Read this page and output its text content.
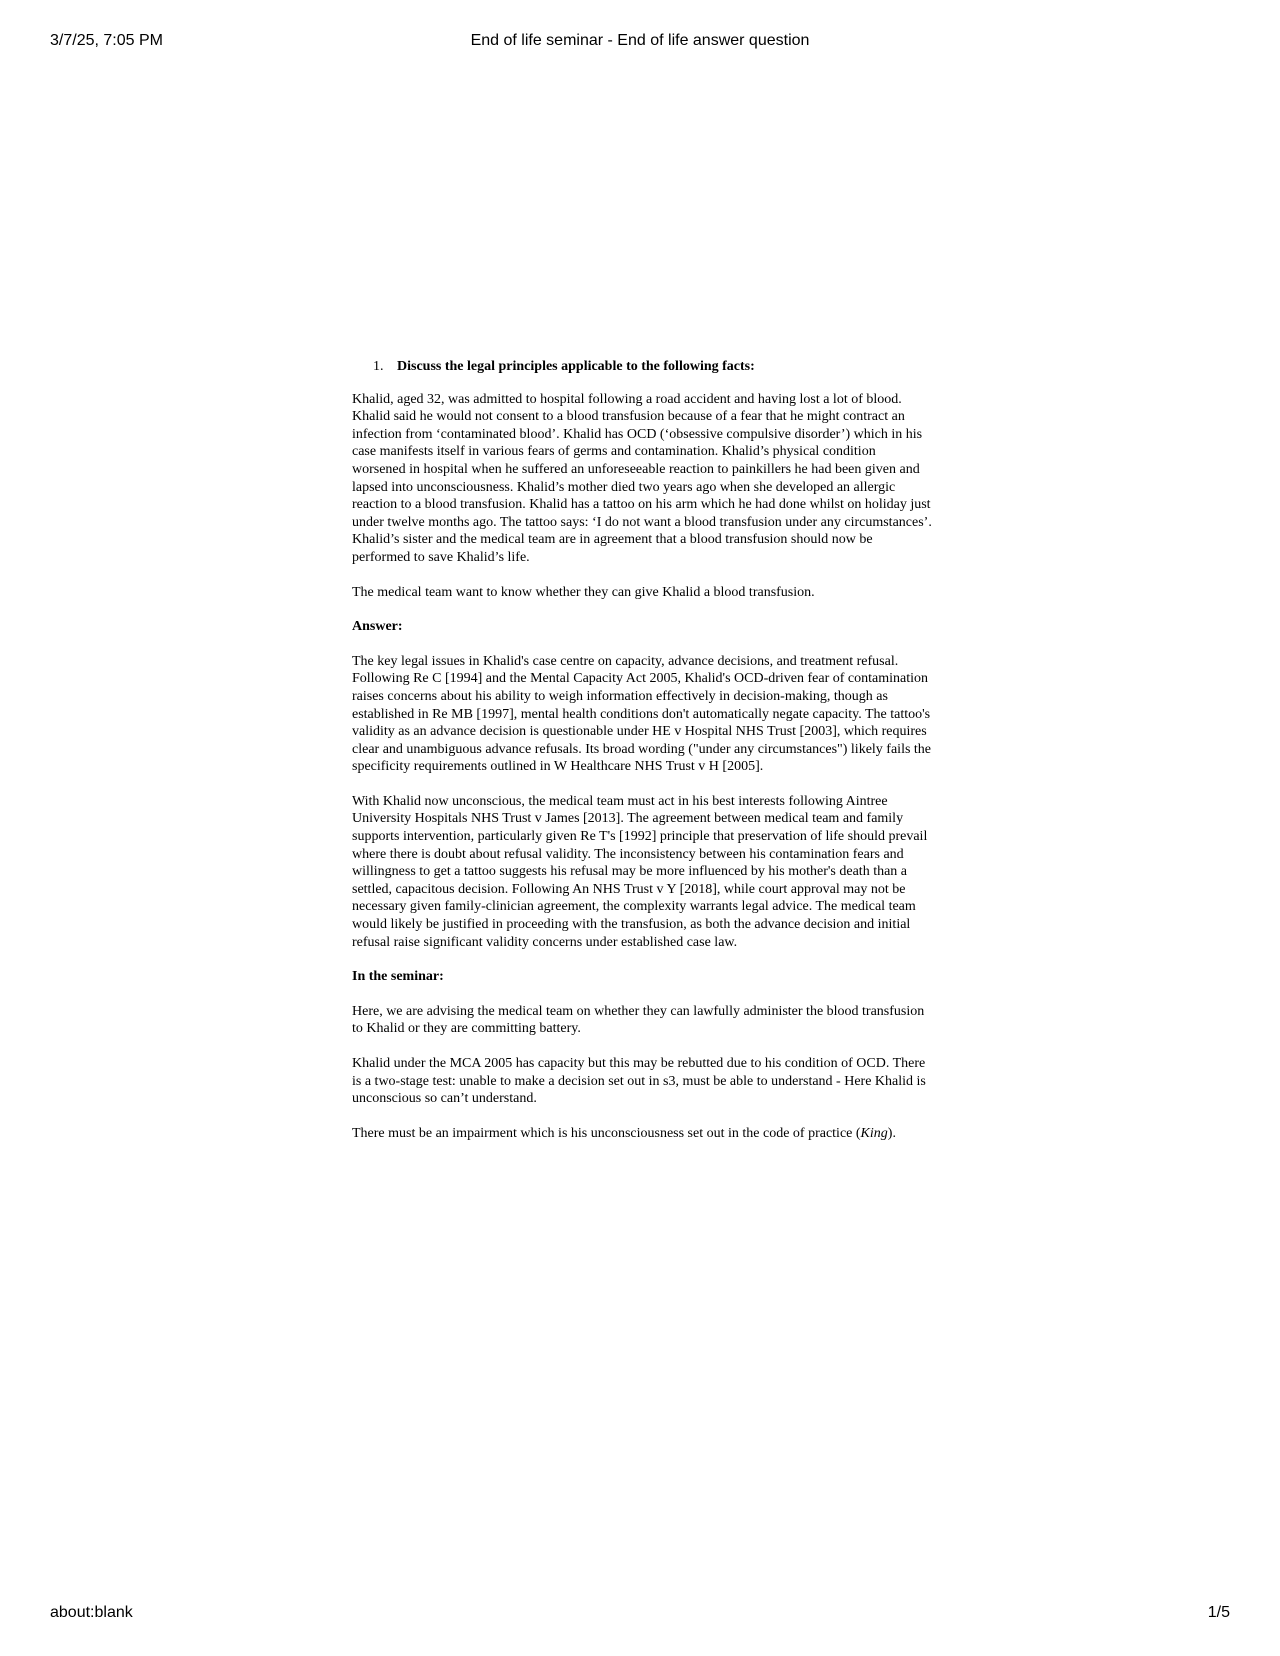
3/7/25, 7:05 PM	End of life seminar - End of life answer question

1. Discuss the legal principles applicable to the following facts:

Khalid, aged 32, was admitted to hospital following a road accident and having lost a lot of blood. Khalid said he would not consent to a blood transfusion because of a fear that he might contract an infection from ‘contaminated blood’. Khalid has OCD (‘obsessive compulsive disorder’) which in his case manifests itself in various fears of germs and contamination. Khalid’s physical condition worsened in hospital when he suffered an unforeseeable reaction to painkillers he had been given and lapsed into unconsciousness. Khalid’s mother died two years ago when she developed an allergic reaction to a blood transfusion. Khalid has a tattoo on his arm which he had done whilst on holiday just under twelve months ago. The tattoo says: ‘I do not want a blood transfusion under any circumstances’. Khalid’s sister and the medical team are in agreement that a blood transfusion should now be performed to save Khalid’s life.

The medical team want to know whether they can give Khalid a blood transfusion.

Answer:

The key legal issues in Khalid's case centre on capacity, advance decisions, and treatment refusal. Following Re C [1994] and the Mental Capacity Act 2005, Khalid's OCD-driven fear of contamination raises concerns about his ability to weigh information effectively in decision-making, though as established in Re MB [1997], mental health conditions don't automatically negate capacity. The tattoo's validity as an advance decision is questionable under HE v Hospital NHS Trust [2003], which requires clear and unambiguous advance refusals. Its broad wording ("under any circumstances") likely fails the specificity requirements outlined in W Healthcare NHS Trust v H [2005].

With Khalid now unconscious, the medical team must act in his best interests following Aintree University Hospitals NHS Trust v James [2013]. The agreement between medical team and family supports intervention, particularly given Re T's [1992] principle that preservation of life should prevail where there is doubt about refusal validity. The inconsistency between his contamination fears and willingness to get a tattoo suggests his refusal may be more influenced by his mother's death than a settled, capacitous decision. Following An NHS Trust v Y [2018], while court approval may not be necessary given family-clinician agreement, the complexity warrants legal advice. The medical team would likely be justified in proceeding with the transfusion, as both the advance decision and initial refusal raise significant validity concerns under established case law.

In the seminar:

Here, we are advising the medical team on whether they can lawfully administer the blood transfusion to Khalid or they are committing battery.

Khalid under the MCA 2005 has capacity but this may be rebutted due to his condition of OCD. There is a two-stage test: unable to make a decision set out in s3, must be able to understand - Here Khalid is unconscious so can’t understand.

There must be an impairment which is his unconsciousness set out in the code of practice (King).

about:blank	1/5
